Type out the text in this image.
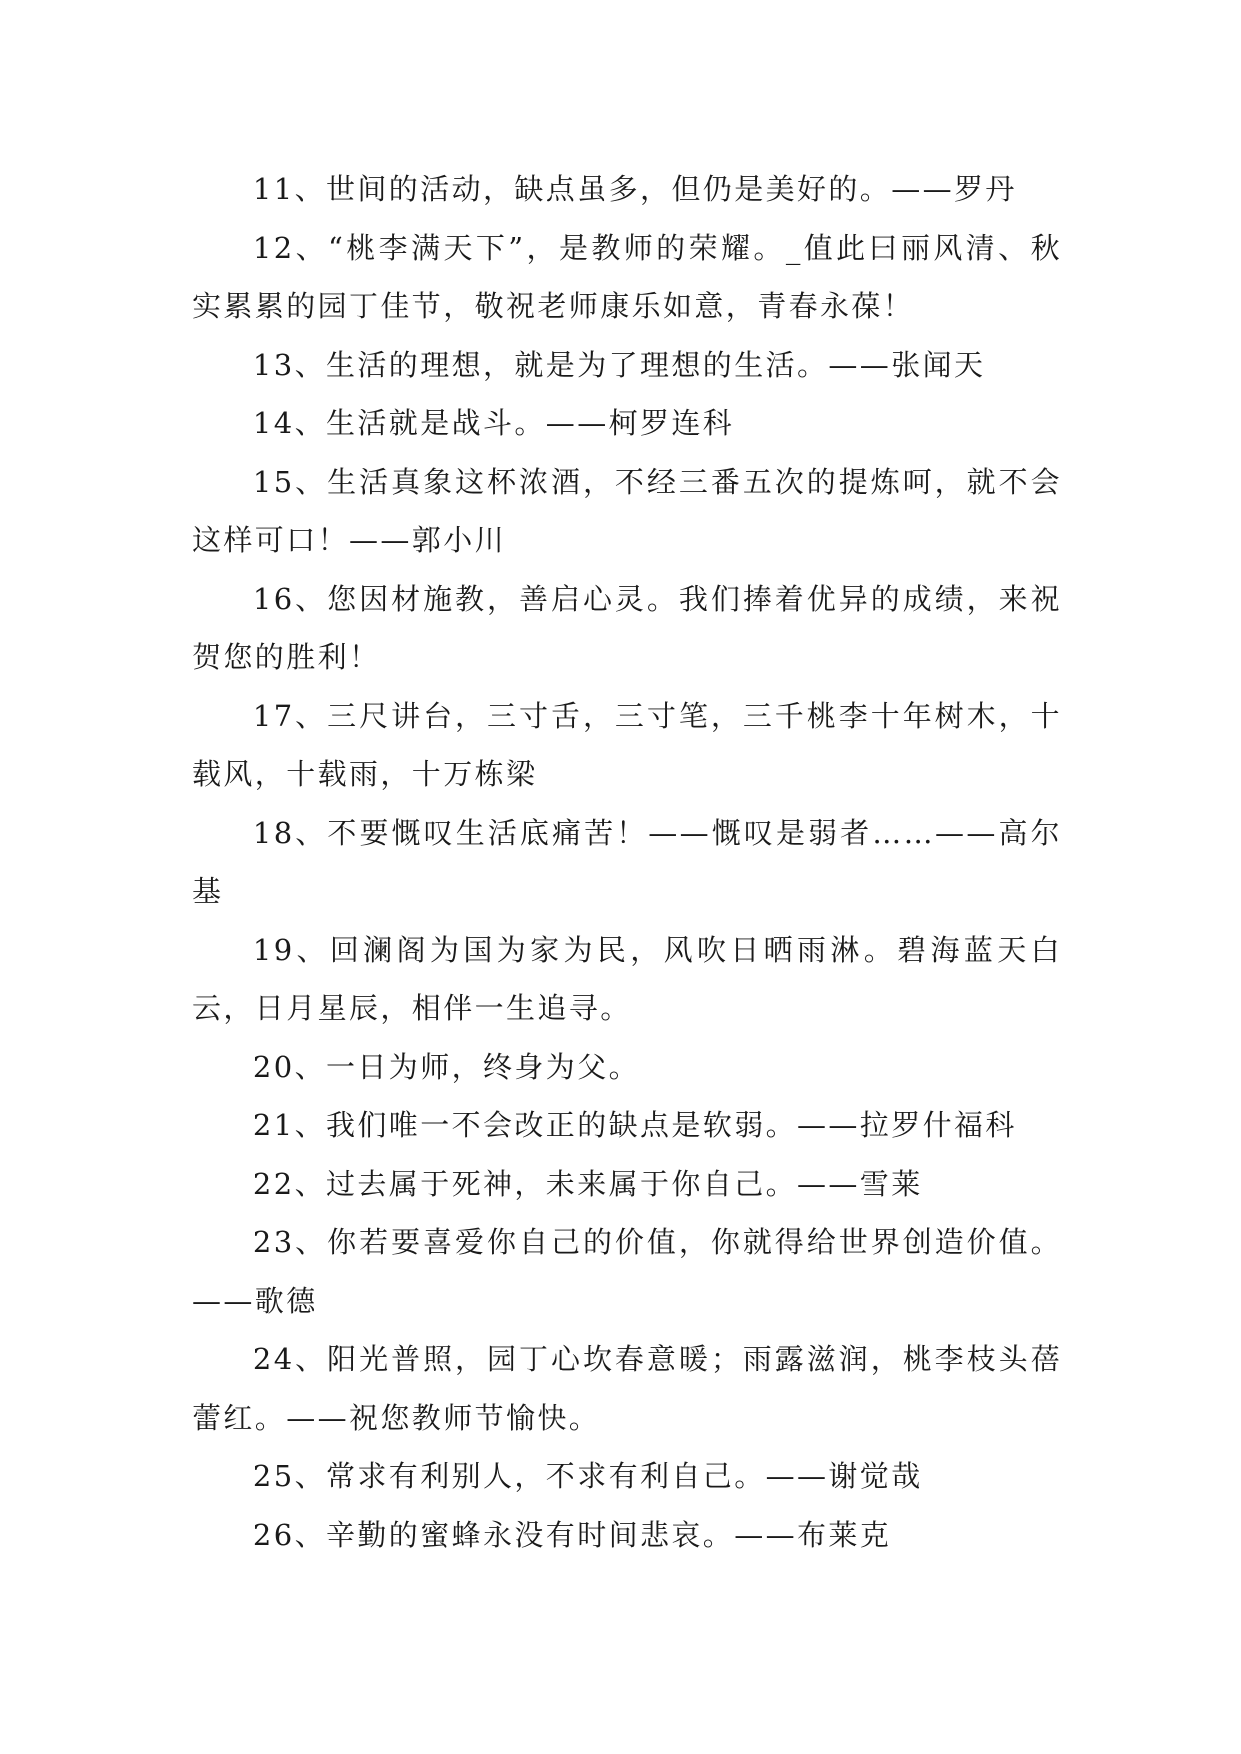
11、世间的活动，缺点虽多，但仍是美好的。——罗丹

12、“桃李满天下”，是教师的荣耀。_值此曰丽风清、秋实累累的园丁佳节，敬祝老师康乐如意，青春永葆！

13、生活的理想，就是为了理想的生活。——张闻天

14、生活就是战斗。——柯罗连科

15、生活真象这杯浓酒，不经三番五次的提炼呵，就不会这样可口！——郭小川

16、您因材施教，善启心灵。我们捧着优异的成绩，来祝贺您的胜利！

17、三尺讲台，三寸舌，三寸笔，三千桃李十年树木，十载风，十载雨，十万栋梁

18、不要慨叹生活底痛苦！——慨叹是弱者……——高尔基

19、回澜阁为国为家为民，风吹日晒雨淋。碧海蓝天白云，日月星辰，相伴一生追寻。

20、一日为师，终身为父。

21、我们唯一不会改正的缺点是软弱。——拉罗什福科

22、过去属于死神，未来属于你自己。——雪莱

23、你若要喜爱你自己的价值，你就得给世界创造价值。——歌德

24、阳光普照，园丁心坎春意暖；雨露滋润，桃李枝头蓓蕾红。——祝您教师节愉快。

25、常求有利别人，不求有利自己。——谢觉哉

26、辛勤的蜜蜂永没有时间悲哀。——布莱克
